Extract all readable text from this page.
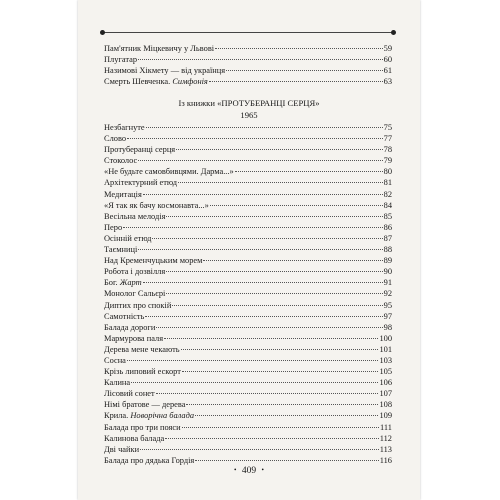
Пам'ятник Міцкевичу у Львові	59
Плугатар	60
Назимові Хікмету — від українця	61
Смерть Шевченка. Симфонія	63
Із книжки «ПРОТУБЕРАНЦІ СЕРЦЯ»
1965
Незбагнуте	75
Слово	77
Протуберанці серця	78
Стоколос	79
«Не будьте самовбивцями. Дарма...»	80
Архітектурний етюд	81
Медитація	82
«Я так як бачу космонавта...»	84
Весільна мелодія	85
Перо	86
Осінній етюд	87
Таємниці	88
Над Кременчуцьким морем	89
Робота і дозвілля	90
Бог. Жарт	91
Монолог Сальєрі	92
Диптих про спокій	95
Самотність	97
Балада дороги	98
Мармурова паля	100
Дерева мене чекають	101
Сосна	103
Крізь липовий ескорт	105
Калина	106
Лісовий сонет	107
Німі братове — дерева	108
Крила. Новорічна балада	109
Балада про три пояси	111
Калинова балада	112
Дві чайки	113
Балада про дядька Гордія	116
• 409 •
